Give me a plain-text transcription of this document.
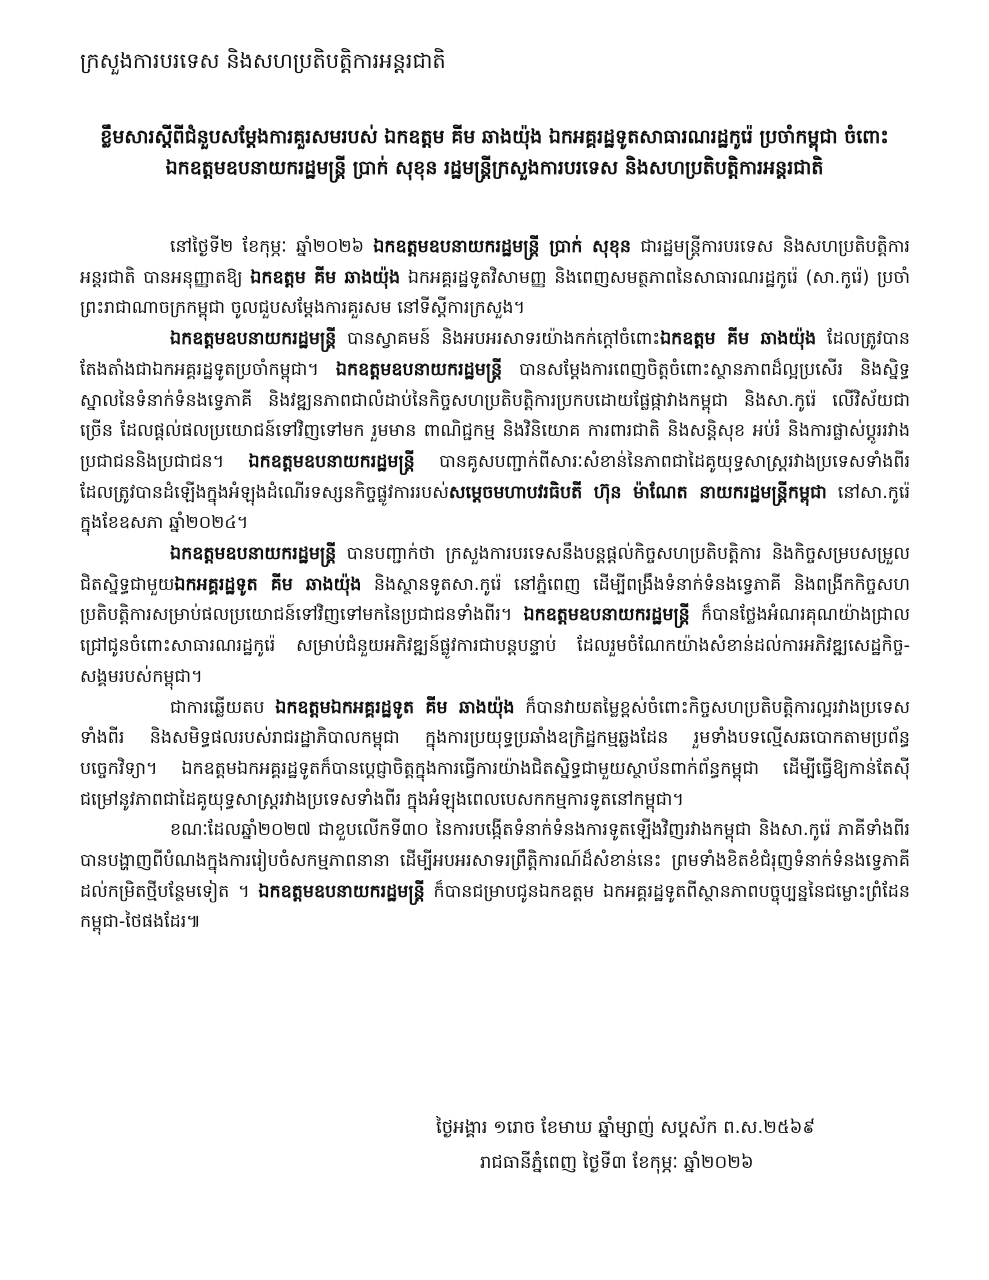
ក្រសួងការបរទេស និងសហប្រតិបត្តិការអន្តរជាតិ
ខ្លឹមសារស្តីពីជំនួបសម្តែងការគួរសមរបស់ ឯកឧត្តម គីម ឆាងយ៉ុង ឯកអគ្គរដ្ឋទូតសាធារណរដ្ឋកូរ៉េ ប្រចាំកម្ពុជា ចំពោះឯកឧត្តមឧបនាយករដ្ឋមន្ត្រី ប្រាក់ សុខុន រដ្ឋមន្ត្រីក្រសួងការបរទេស និងសហប្រតិបត្តិការអន្តរជាតិ

នៅថ្ងៃទី២ ខែកុម្ភៈ ឆ្នាំ២០២៦ ឯកឧត្តមឧបនាយករដ្ឋមន្ត្រី ប្រាក់ សុខុន ជារដ្ឋមន្ត្រីការបរទេស និងសហប្រតិបត្តិការអន្តរជាតិ បានអនុញ្ញាតឱ្យ ឯកឧត្តម គីម ឆាងយ៉ុង ឯកអគ្គរដ្ឋទូតវិសាមញ្ញ និងពេញសមត្ថភាពនៃសាធារណរដ្ឋកូរ៉េ (សា.កូរ៉េ) ប្រចាំព្រះរាជាណាចក្រកម្ពុជា ចូលជួបសម្តែងការគួរសម នៅទីស្តីការក្រសួង។

ឯកឧត្តមឧបនាយករដ្ឋមន្ត្រី បានស្វាគមន៍ និងអបអរសាទរយ៉ាងកក់ក្តៅចំពោះឯកឧត្តម គីម ឆាងយ៉ុង ដែលត្រូវបានតែងតាំងជាឯកអគ្គរដ្ឋទូតប្រចាំកម្ពុជា។ ឯកឧត្តមឧបនាយករដ្ឋមន្ត្រី បានសម្តែងការពេញចិត្តចំពោះស្ថានភាពដ៏ល្អប្រសើរ និងស្និទ្ធស្នាលនៃទំនាក់ទំនងទ្វេភាគី និងវឌ្ឍនភាពជាលំដាប់នៃកិច្ចសហប្រតិបត្តិការប្រកបដោយផ្លែផ្កាវាងកម្ពុជា និងសា.កូរ៉េ លើវិស័យជាច្រើន ដែលផ្តល់ផលប្រយោជន៍ទៅវិញទៅមក រួមមាន ពាណិជ្ជកម្ម និងវិនិយោគ ការពារជាតិ និងសន្តិសុខ អប់រំ និងការផ្លាស់ប្តូររវាងប្រជាជននិងប្រជាជន។ ឯកឧត្តមឧបនាយករដ្ឋមន្ត្រី បានគូសបញ្ជាក់ពីសារៈសំខាន់នៃភាពជាដៃគូយុទ្ធសាស្ត្ររវាងប្រទេសទាំងពីរ ដែលត្រូវបានដំឡើងក្នុងអំឡុងដំណើរទស្សនកិច្ចផ្លូវការរបស់សម្តេចមហាបវរធិបតី ហ៊ុន ម៉ាណែត នាយករដ្ឋមន្ត្រីកម្ពុជា នៅសា.កូរ៉េ ក្នុងខែឧសភា ឆ្នាំ២០២៤។

ឯកឧត្តមឧបនាយករដ្ឋមន្ត្រី បានបញ្ជាក់ថា ក្រសួងការបរទេសនឹងបន្តផ្តល់កិច្ចសហប្រតិបត្តិការ និងកិច្ចសម្របសម្រួលជិតស្និទ្ធជាមួយឯកអគ្គរដ្ឋទូត គីម ឆាងយ៉ុង និងស្ថានទូតសា.កូរ៉េ នៅភ្នំពេញ ដើម្បីពង្រឹងទំនាក់ទំនងទ្វេភាគី និងពង្រីកកិច្ចសហប្រតិបត្តិការសម្រាប់ផលប្រយោជន៍ទៅវិញទៅមកនៃប្រជាជនទាំងពីរ។ ឯកឧត្តមឧបនាយករដ្ឋមន្ត្រី ក៏បានថ្លែងអំណរគុណយ៉ាងជ្រាលជ្រៅជូនចំពោះសាធារណរដ្ឋកូរ៉េ សម្រាប់ជំនួយអភិវឌ្ឍន៍ផ្លូវការជាបន្តបន្ទាប់ ដែលរួមចំណែកយ៉ាងសំខាន់ដល់ការអភិវឌ្ឍសេដ្ឋកិច្ច-សង្គមរបស់កម្ពុជា។

ជាការឆ្លើយតប ឯកឧត្តមឯកអគ្គរដ្ឋទូត គីម ឆាងយ៉ុង ក៏បានវាយតម្លៃខ្ពស់ចំពោះកិច្ចសហប្រតិបត្តិការល្អរវាងប្រទេសទាំងពីរ និងសមិទ្ធផលរបស់រាជរដ្ឋាភិបាលកម្ពុជា ក្នុងការប្រយុទ្ធប្រឆាំងឧក្រិដ្ឋកម្មឆ្លងដែន រួមទាំងបទល្មើសឆបោកតាមប្រព័ន្ធបច្ចេកវិទ្យា។ ឯកឧត្តមឯកអគ្គរដ្ឋទូតក៏បានប្តេជ្ញាចិត្តក្នុងការធ្វើការយ៉ាងជិតស្និទ្ធជាមួយស្ថាប័នពាក់ព័ន្ធកម្ពុជា ដើម្បីធ្វើឱ្យកាន់តែស៊ីជម្រៅនូវភាពជាដៃគូយុទ្ធសាស្ត្ររវាងប្រទេសទាំងពីរ ក្នុងអំឡុងពេលបេសកកម្មការទូតនៅកម្ពុជា។

ខណៈដែលឆ្នាំ២០២៧ ជាខួបលើកទី៣០ នៃការបង្កើតទំនាក់ទំនងការទូតឡើងវិញរវាងកម្ពុជា និងសា.កូរ៉េ ភាគីទាំងពីរបានបង្ហាញពីបំណងក្នុងការរៀបចំសកម្មភាពនានា ដើម្បីអបអរសាទរព្រឹត្តិការណ៍ដ៏សំខាន់នេះ ព្រមទាំងខិតខំជំរុញទំនាក់ទំនងទ្វេភាគីដល់កម្រិតថ្មីបន្ថែមទៀត ។ ឯកឧត្តមឧបនាយករដ្ឋមន្ត្រី ក៏បានជម្រាបជូនឯកឧត្តម ឯកអគ្គរដ្ឋទូតពីស្ថានភាពបច្ចុប្បន្ននៃជម្លោះព្រំដែនកម្ពុជា-ថៃផងដែរ៕

ថ្ងៃអង្គារ ១រោច ខែមាឃ ឆ្នាំម្សាញ់ សប្តស័ក ព.ស.២៥៦៩
រាជធានីភ្នំពេញ ថ្ងៃទី៣ ខែកុម្ភៈ ឆ្នាំ២០២៦
